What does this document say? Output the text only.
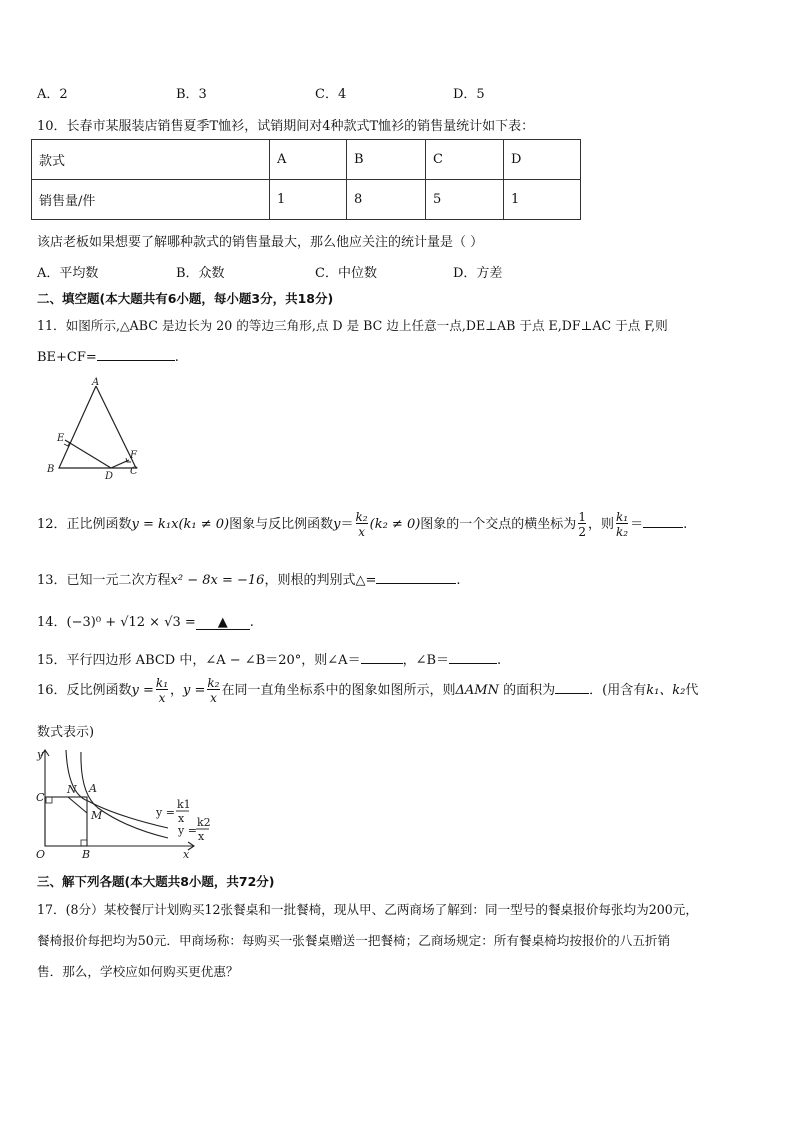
A．2	B．3	C．4	D．5
10．长春市某服装店销售夏季T恤衫，试销期间对4种款式T恤衫的销售量统计如下表：
款式	A	B	C	D
销售量/件	1	8	5	1
该店老板如果想要了解哪种款式的销售量最大，那么他应关注的统计量是（ ）
A．平均数	B．众数	C．中位数	D．方差
二、填空题(本大题共有6小题，每小题3分，共18分)
11．如图所示,△ABC 是边长为 20 的等边三角形,点 D 是 BC 边上任意一点,DE⊥AB 于点 E,DF⊥AC 于点 F,则
BE+CF=	.
A
E
B
D
F
C
12．正比例函数y = k₁x(k₁ ≠ 0)图象与反比例函数$y= \frac{\text{k₂}}{x} (k_2 \ne 0)$图象的一个交点的横坐标为 $\frac{1}{2}$ ，则 $\frac{\text{k₁}}{\text{k₂}}$ ＝	.
13．已知一元二次方程x² − 8x = −16，则根的判别式△=	.
14．(−3)⁰ + √12 × √3 = ▲ .
15．平行四边形 ABCD 中，∠A − ∠B＝20°，则∠A＝	，∠B＝	.
16．反比例函数$y = \frac{\text{k₁}}{x}$ ，$y = \frac{\text{k₂}}{x}$ 在同一直角坐标系中的图象如图所示，则ΔAMN 的面积为	．(用含有k₁、k₂代
数式表示)
y
C
N A
M
O	B	x
y =
k1
x
y =
k2
x
三、解下列各题(本大题共8小题，共72分)
17．(8分）某校餐厅计划购买12张餐桌和一批餐椅，现从甲、乙两商场了解到：同一型号的餐桌报价每张均为200元，
餐椅报价每把均为50元．甲商场称：每购买一张餐桌赠送一把餐椅；乙商场规定：所有餐桌椅均按报价的八五折销
售．那么，学校应如何购买更优惠？
